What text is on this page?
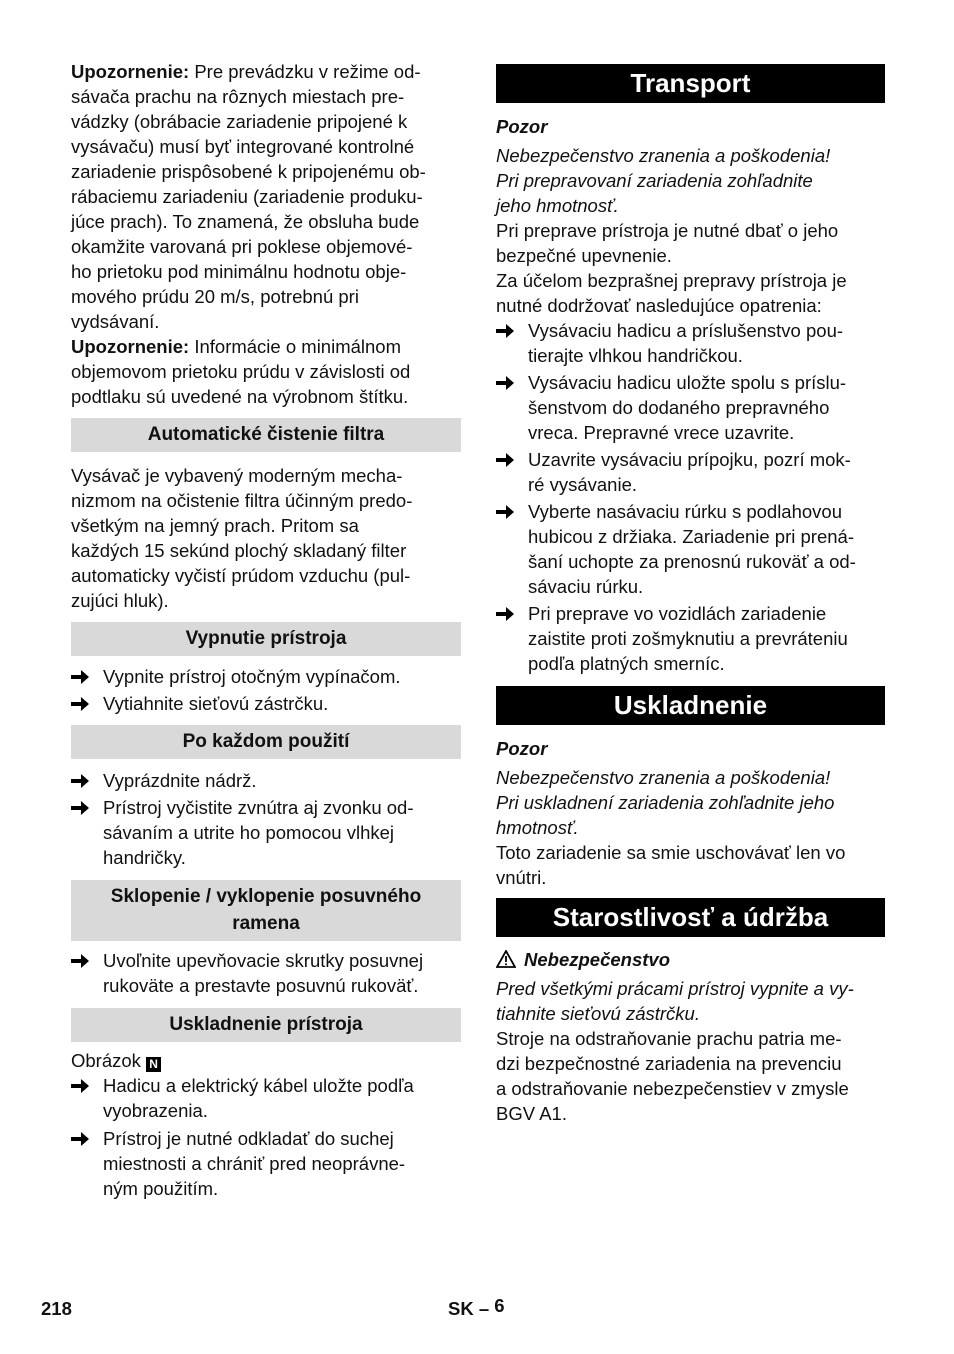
Upozornenie: Pre prevádzku v režime od-
sávača prachu na rôznych miestach pre-
vádzky (obrábacie zariadenie pripojené k
vysávaču) musí byť integrované kontrolné
zariadenie prispôsobené k pripojenému ob-
rábaciemu zariadeniu (zariadenie produku-
júce prach). To znamená, že obsluha bude
okamžite varovaná pri poklese objemové-
ho prietoku pod minimálnu hodnotu obje-
mového prúdu 20 m/s, potrebnú pri
vydsávaní.

Upozornenie: Informácie o minimálnom
objemovom prietoku prúdu v závislosti od
podtlaku sú uvedené na výrobnom štítku.

Automatické čistenie filtra

Vysávač je vybavený moderným mecha-
nizmom na očistenie filtra účinným predo-
všetkým na jemný prach. Pritom sa
každých 15 sekúnd plochý skladaný filter
automaticky vyčistí prúdom vzduchu (pul-
zujúci hluk).

Vypnutie prístroja
Vypnite prístroj otočným vypínačom.
Vytiahnite sieťovú zástrčku.
Po každom použití
Vyprázdnite nádrž.
Prístroj vyčistite zvnútra aj zvonku od-
sávaním a utrite ho pomocou vlhkej
handričky.
Sklopenie / vyklopenie posuvného
ramena
Uvoľnite upevňovacie skrutky posuvnej
rukoväte a prestavte posuvnú rukoväť.
Uskladnenie prístroja

Obrázok N

Hadicu a elektrický kábel uložte podľa
vyobrazenia.
Prístroj je nutné odkladať do suchej
miestnosti a chrániť pred neoprávne-
ným použitím.
Transport

Pozor

Nebezpečenstvo zranenia a poškodenia!
Pri prepravovaní zariadenia zohľadnite
jeho hmotnosť.

Pri preprave prístroja je nutné dbať o jeho
bezpečné upevnenie.

Za účelom bezprašnej prepravy prístroja je
nutné dodržovať nasledujúce opatrenia:

Vysávaciu hadicu a príslušenstvo pou-
tierajte vlhkou handričkou.
Vysávaciu hadicu uložte spolu s príslu-
šenstvom do dodaného prepravného
vreca. Prepravné vrece uzavrite.
Uzavrite vysávaciu prípojku, pozrí mok-
ré vysávanie.
Vyberte nasávaciu rúrku s podlahovou
hubicou z držiaka. Zariadenie pri prená-
šaní uchopte za prenosnú rukoväť a od-
sávaciu rúrku.
Pri preprave vo vozidlách zariadenie
zaistite proti zošmyknutiu a prevráteniu
podľa platných smerníc.
Uskladnenie

Pozor

Nebezpečenstvo zranenia a poškodenia!
Pri uskladnení zariadenia zohľadnite jeho
hmotnosť.

Toto zariadenie sa smie uschovávať len vo
vnútri.

Starostlivosť a údržba

Nebezpečenstvo

Pred všetkými prácami prístroj vypnite a vy-
tiahnite sieťovú zástrčku.

Stroje na odstraňovanie prachu patria me-
dzi bezpečnostné zariadenia na prevenciu
a odstraňovanie nebezpečenstiev v zmysle
BGV A1.

218	SK – 6
